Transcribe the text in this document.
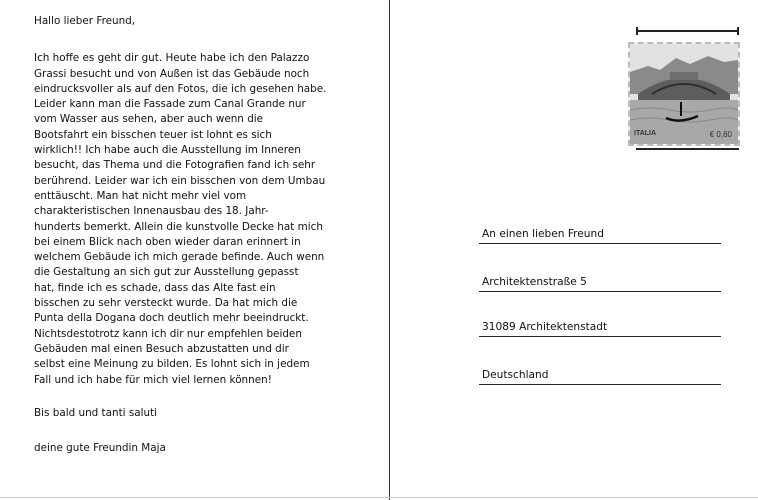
Hallo lieber Freund,
Ich hoffe es geht dir gut. Heute habe ich den Palazzo
Grassi besucht und von Außen ist das Gebäude noch
eindrucksvoller als auf den Fotos, die ich gesehen habe.
Leider kann man die Fassade zum Canal Grande nur
vom Wasser aus sehen, aber auch wenn die
Bootsfahrt ein bisschen teuer ist lohnt es sich
wirklich!! Ich habe auch die Ausstellung im Inneren
besucht, das Thema und die Fotografien fand ich sehr
berührend. Leider war ich ein bisschen von dem Umbau
enttäuscht. Man hat nicht mehr viel vom
charakteristischen Innenausbau des 18. Jahr-
hunderts bemerkt. Allein die kunstvolle Decke hat mich
bei einem Blick nach oben wieder daran erinnert in
welchem Gebäude ich mich gerade befinde. Auch wenn
die Gestaltung an sich gut zur Ausstellung gepasst
hat, finde ich es schade, dass das Alte fast ein
bisschen zu sehr versteckt wurde. Da hat mich die
Punta della Dogana doch deutlich mehr beeindruckt.
Nichtsdestotrotz kann ich dir nur empfehlen beiden
Gebäuden mal einen Besuch abzustatten und dir
selbst eine Meinung zu bilden. Es lohnt sich in jedem
Fall und ich habe für mich viel lernen können!
Bis bald und tanti saluti
deine gute Freundin Maja
ITALIA	€ 0,60
An einen lieben Freund
Architektenstraße 5
31089 Architektenstadt
Deutschland
